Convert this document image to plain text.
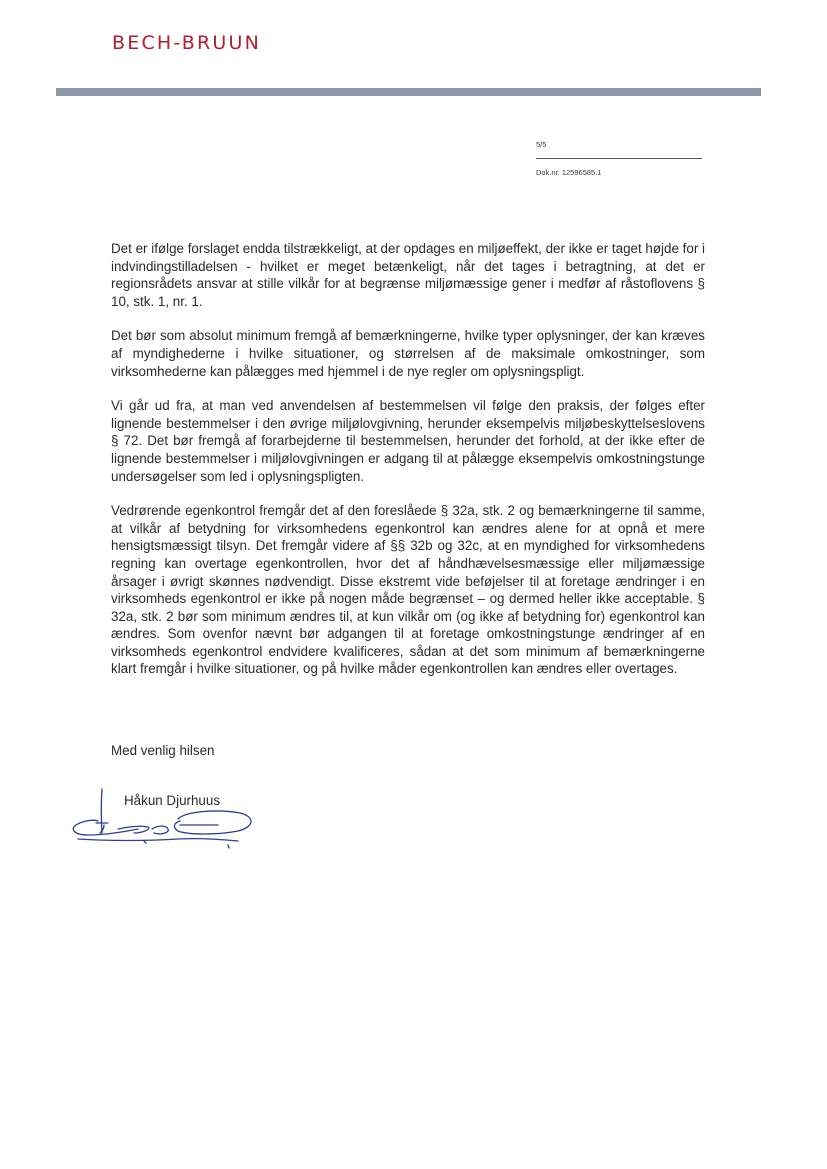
BECH-BRUUN
5/5
Dok.nr. 12596585.1

Det er ifølge forslaget endda tilstrækkeligt, at der opdages en miljøeffekt, der ikke er taget højde for i indvindingstilladelsen - hvilket er meget betænkeligt, når det tages i betragtning, at det er regionsrådets ansvar at stille vilkår for at begrænse miljømæssige gener i medfør af råstoflovens § 10, stk. 1, nr. 1.

Det bør som absolut minimum fremgå af bemærkningerne, hvilke typer oplysninger, der kan kræves af myndighederne i hvilke situationer, og størrelsen af de maksimale omkostninger, som virksomhederne kan pålægges med hjemmel i de nye regler om oplysningspligt.

Vi går ud fra, at man ved anvendelsen af bestemmelsen vil følge den praksis, der følges efter lignende bestemmelser i den øvrige miljølovgivning, herunder eksempelvis miljøbeskyttelseslovens § 72. Det bør fremgå af forarbejderne til bestemmelsen, herunder det forhold, at der ikke efter de lignende bestemmelser i miljølovgivningen er adgang til at pålægge eksempelvis omkostningstunge undersøgelser som led i oplysningspligten.

Vedrørende egenkontrol fremgår det af den foreslåede § 32a, stk. 2 og bemærkningerne til samme, at vilkår af betydning for virksomhedens egenkontrol kan ændres alene for at opnå et mere hensigtsmæssigt tilsyn. Det fremgår videre af §§ 32b og 32c, at en myndighed for virksomhedens regning kan overtage egenkontrollen, hvor det af håndhævelsesmæssige eller miljømæssige årsager i øvrigt skønnes nødvendigt. Disse ekstremt vide beføjelser til at foretage ændringer i en virksomheds egenkontrol er ikke på nogen måde begrænset – og dermed heller ikke acceptable. § 32a, stk. 2 bør som minimum ændres til, at kun vilkår om (og ikke af betydning for) egenkontrol kan ændres. Som ovenfor nævnt bør adgangen til at foretage omkostningstunge ændringer af en virksomheds egenkontrol endvidere kvalificeres, sådan at det som minimum af bemærkningerne klart fremgår i hvilke situationer, og på hvilke måder egenkontrollen kan ændres eller overtages.

Med venlig hilsen
Håkun Djurhuus
